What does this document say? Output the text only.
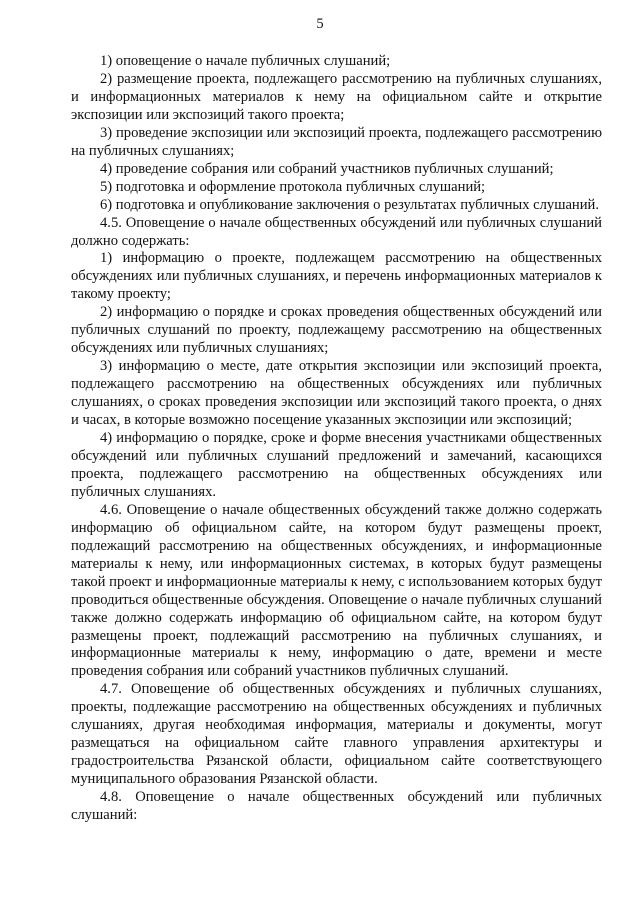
5

1) оповещение о начале публичных слушаний;

2) размещение проекта, подлежащего рассмотрению на публичных слушаниях, и информационных материалов к нему на официальном сайте и открытие экспозиции или экспозиций такого проекта;

3) проведение экспозиции или экспозиций проекта, подлежащего рассмотрению на публичных слушаниях;

4) проведение собрания или собраний участников публичных слушаний;

5) подготовка и оформление протокола публичных слушаний;

6) подготовка и опубликование заключения о результатах публичных слушаний.

4.5. Оповещение о начале общественных обсуждений или публичных слушаний должно содержать:

1) информацию о проекте, подлежащем рассмотрению на общественных обсуждениях или публичных слушаниях, и перечень информационных материалов к такому проекту;

2) информацию о порядке и сроках проведения общественных обсуждений или публичных слушаний по проекту, подлежащему рассмотрению на общественных обсуждениях или публичных слушаниях;

3) информацию о месте, дате открытия экспозиции или экспозиций проекта, подлежащего рассмотрению на общественных обсуждениях или публичных слушаниях, о сроках проведения экспозиции или экспозиций такого проекта, о днях и часах, в которые возможно посещение указанных экспозиции или экспозиций;

4) информацию о порядке, сроке и форме внесения участниками общественных обсуждений или публичных слушаний предложений и замечаний, касающихся проекта, подлежащего рассмотрению на общественных обсуждениях или публичных слушаниях.

4.6. Оповещение о начале общественных обсуждений также должно содержать информацию об официальном сайте, на котором будут размещены проект, подлежащий рассмотрению на общественных обсуждениях, и информационные материалы к нему, или информационных системах, в которых будут размещены такой проект и информационные материалы к нему, с использованием которых будут проводиться общественные обсуждения. Оповещение о начале публичных слушаний также должно содержать информацию об официальном сайте, на котором будут размещены проект, подлежащий рассмотрению на публичных слушаниях, и информационные материалы к нему, информацию о дате, времени и месте проведения собрания или собраний участников публичных слушаний.

4.7. Оповещение об общественных обсуждениях и публичных слушаниях, проекты, подлежащие рассмотрению на общественных обсуждениях и публичных слушаниях, другая необходимая информация, материалы и документы, могут размещаться на официальном сайте главного управления архитектуры и градостроительства Рязанской области, официальном сайте соответствующего муниципального образования Рязанской области.

4.8. Оповещение о начале общественных обсуждений или публичных слушаний:
